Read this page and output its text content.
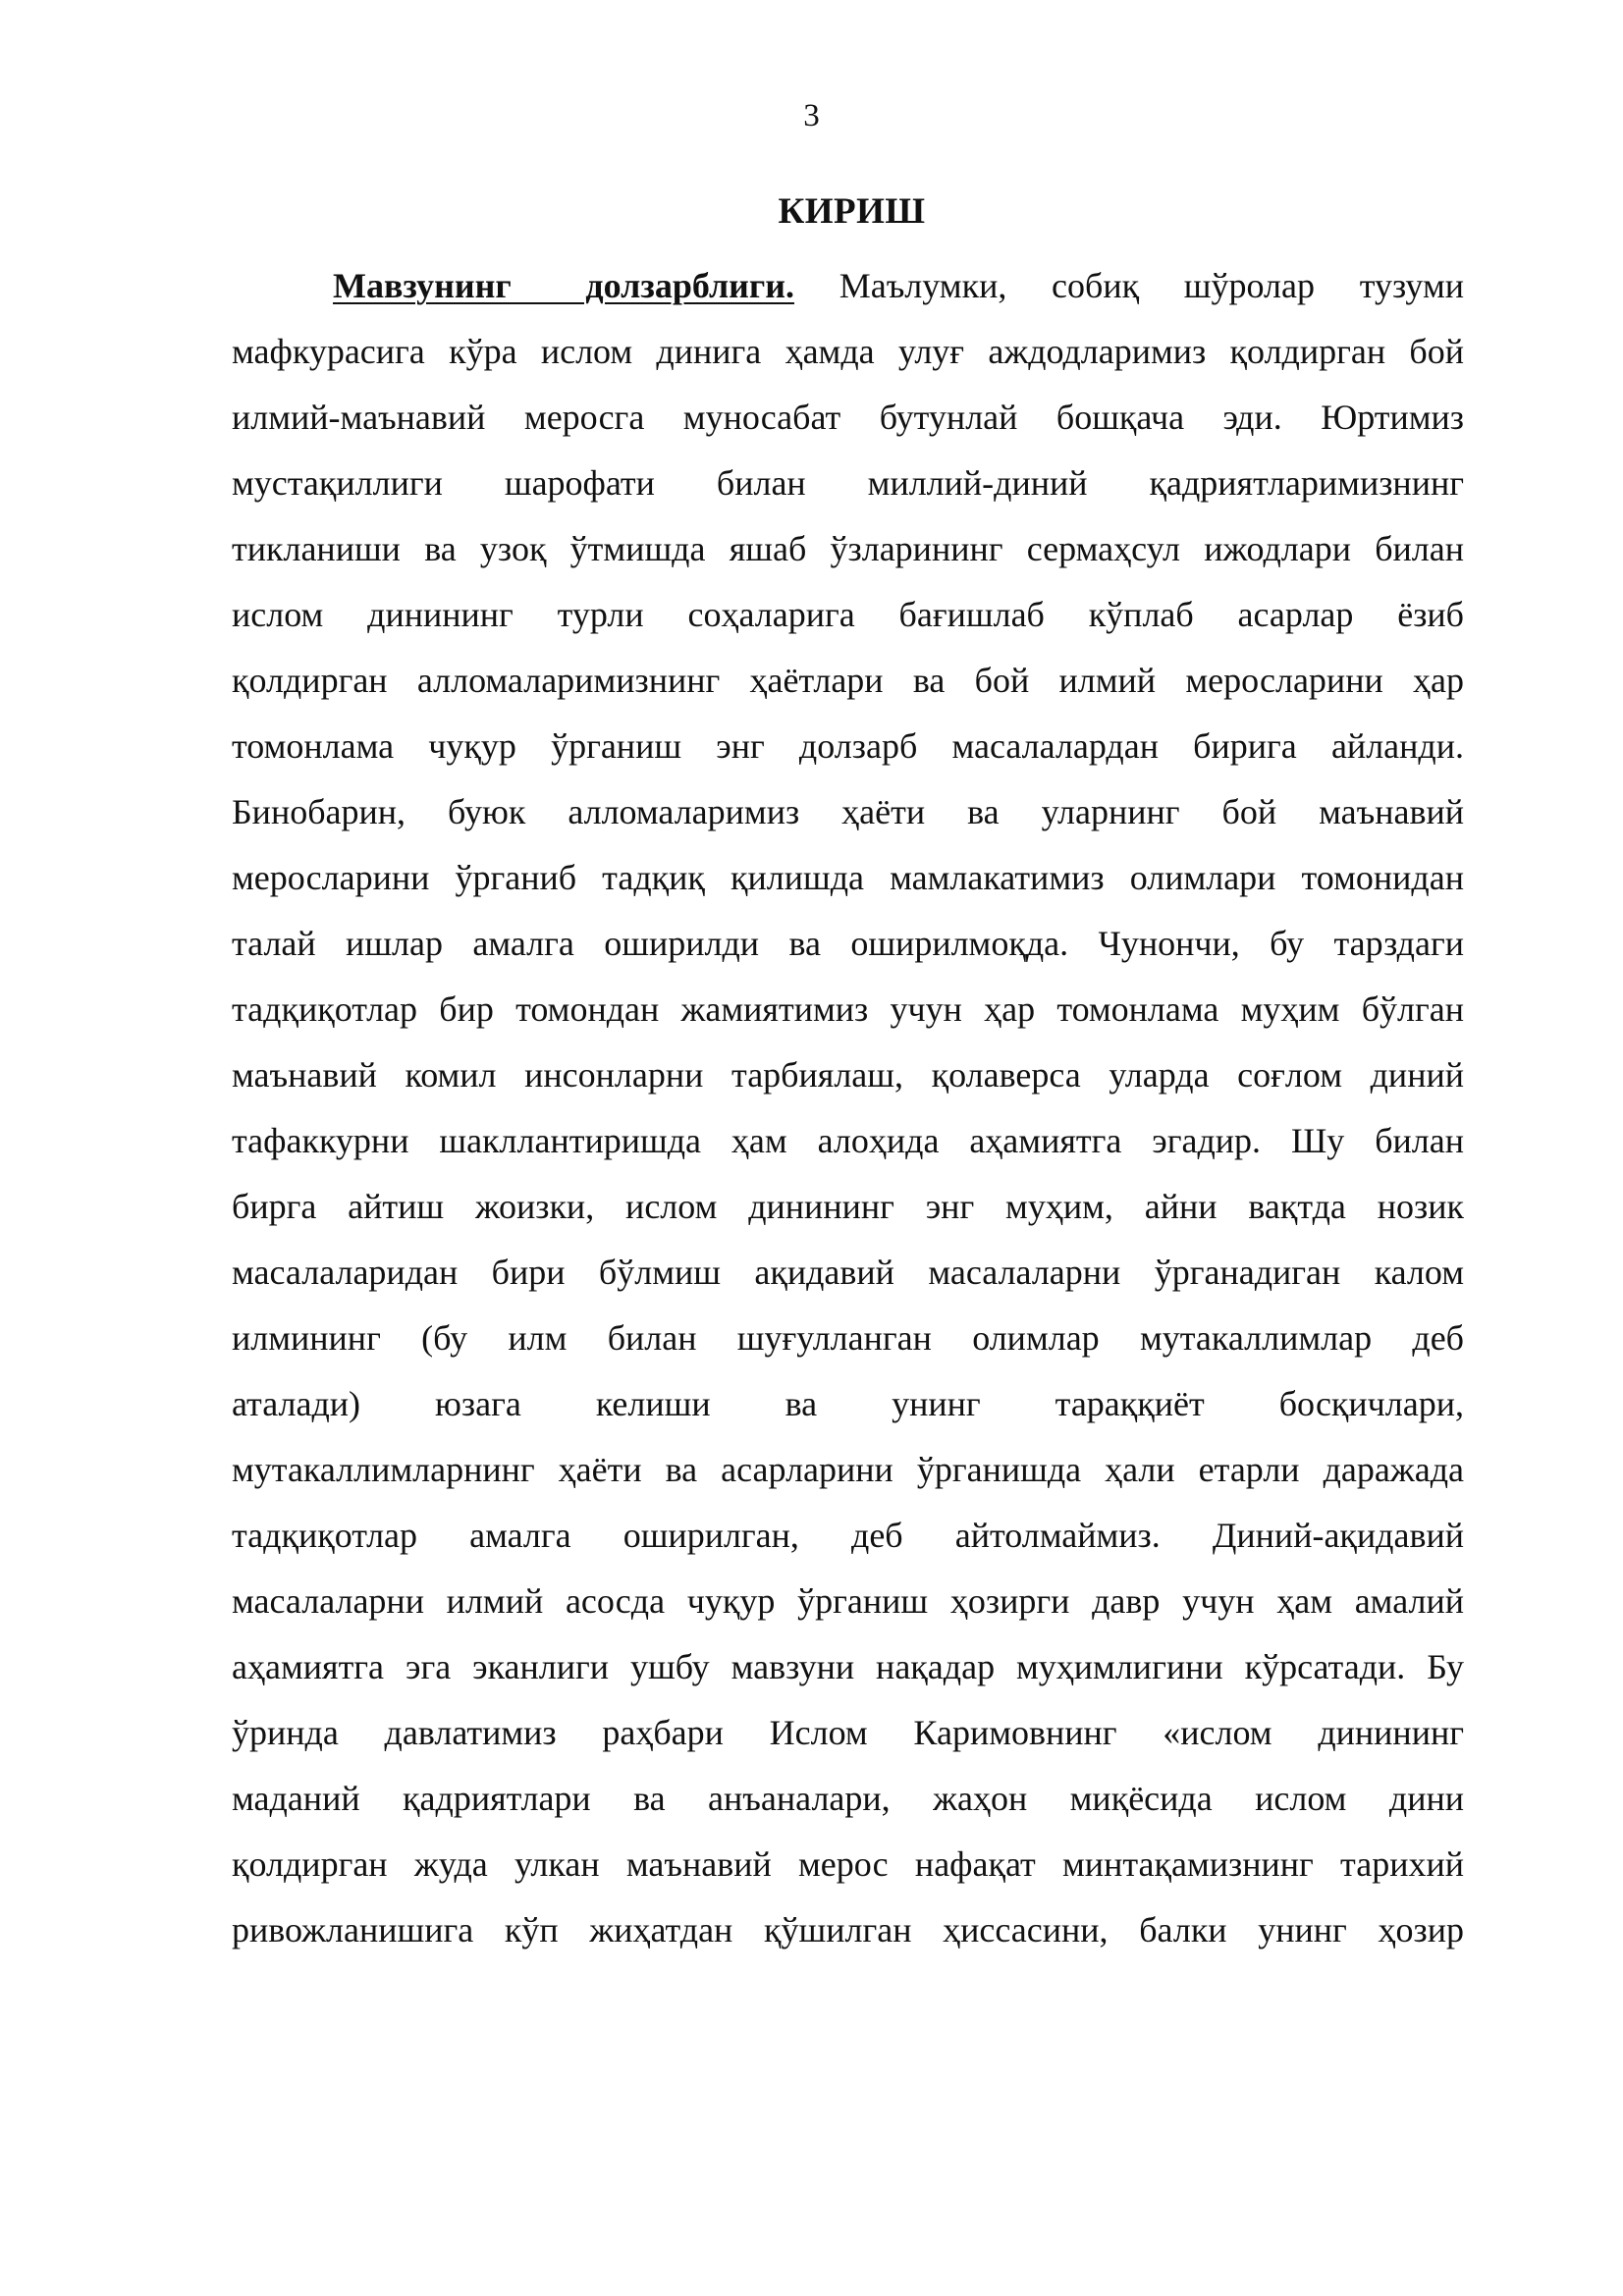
3
КИРИШ
Мавзунинг долзарблиги. Маълумки, собиқ шўролар тузуми
мафкурасига кўра ислом динига ҳамда улуғ аждодларимиз қолдирган бой
илмий-маънавий меросга муносабат бутунлай бошқача эди. Юртимиз
мустақиллиги шарофати билан миллий-диний қадриятларимизнинг
тикланиши ва узоқ ўтмишда яшаб ўзларининг сермаҳсул ижодлари билан
ислом динининг турли соҳаларига бағишлаб кўплаб асарлар ёзиб
қолдирган алломаларимизнинг ҳаётлари ва бой илмий меросларини ҳар
томонлама чуқур ўрганиш энг долзарб масалалардан бирига айланди.
Бинобарин, буюк алломаларимиз ҳаёти ва уларнинг бой маънавий
меросларини ўрганиб тадқиқ қилишда мамлакатимиз олимлари томонидан
талай ишлар амалга оширилди ва оширилмоқда. Чунончи, бу тарздаги
тадқиқотлар бир томондан жамиятимиз учун ҳар томонлама муҳим бўлган
маънавий комил инсонларни тарбиялаш, қолаверса уларда соғлом диний
тафаккурни шакллантиришда ҳам алоҳида аҳамиятга эгадир. Шу билан
бирга айтиш жоизки, ислом динининг энг муҳим, айни вақтда нозик
масалаларидан бири бўлмиш ақидавий масалаларни ўрганадиган калом
илмининг (бу илм билан шуғулланган олимлар мутакаллимлар деб
аталади) юзага келиши ва унинг тараққиёт босқичлари,
мутакаллимларнинг ҳаёти ва асарларини ўрганишда ҳали етарли даражада
тадқиқотлар амалга оширилган, деб айтолмаймиз. Диний-ақидавий
масалаларни илмий асосда чуқур ўрганиш ҳозирги давр учун ҳам амалий
аҳамиятга эга эканлиги ушбу мавзуни нақадар муҳимлигини кўрсатади. Бу
ўринда давлатимиз раҳбари Ислом Каримовнинг «ислом динининг
маданий қадриятлари ва анъаналари, жаҳон миқёсида ислом дини
қолдирган жуда улкан маънавий мерос нафақат минтақамизнинг тарихий
ривожланишига кўп жиҳатдан қўшилган ҳиссасини, балки унинг ҳозир
